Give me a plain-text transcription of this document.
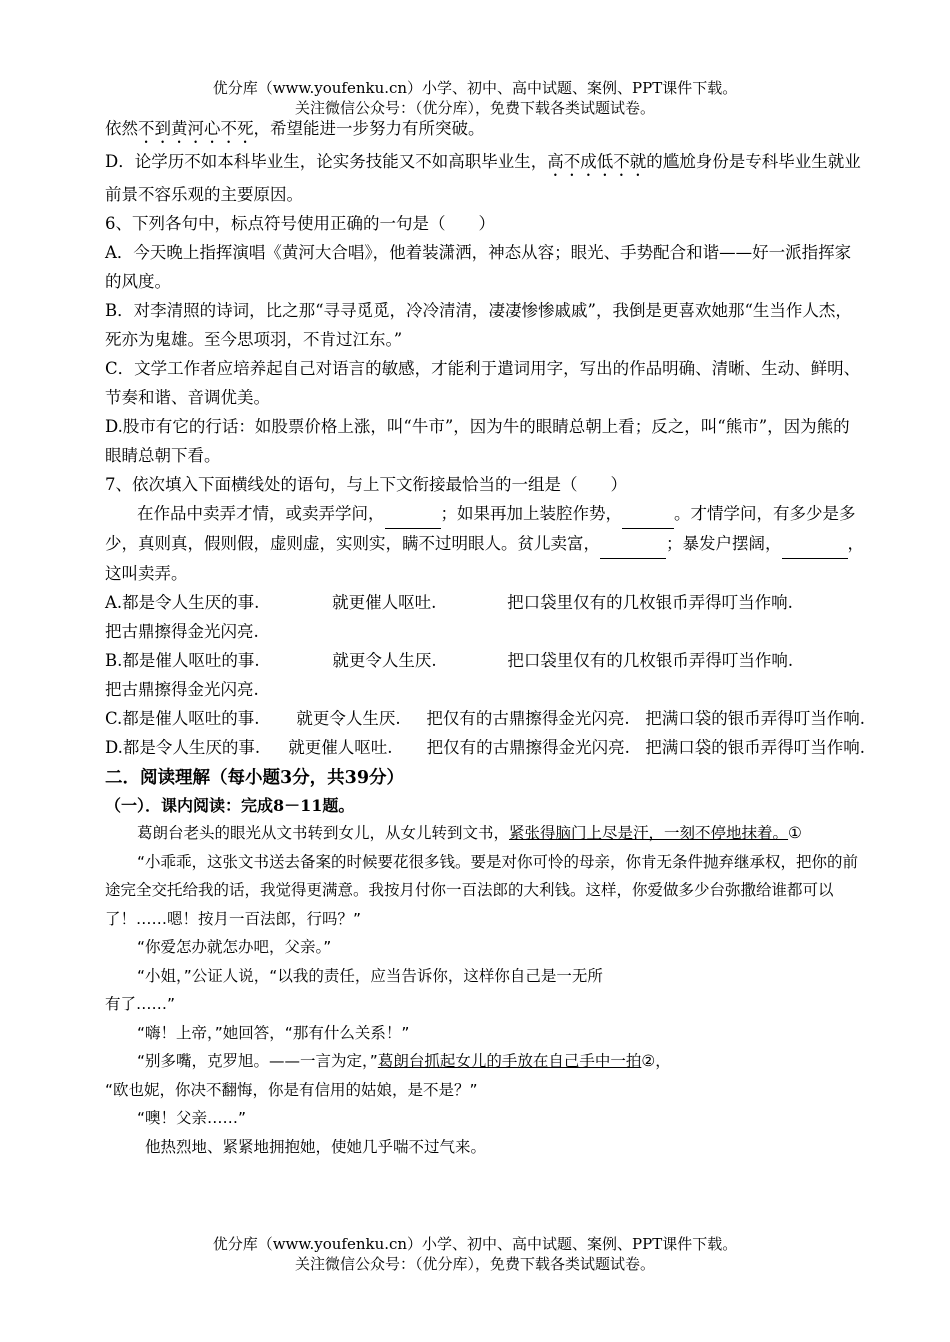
优分库（www.youfenku.cn）小学、初中、高中试题、案例、PPT课件下载。
关注微信公众号：（优分库），免费下载各类试题试卷。

依然不到黄河心不死，希望能进一步努力有所突破。

D．论学历不如本科毕业生，论实务技能又不如高职毕业生，高不成低不就的尴尬身份是专科毕业生就业前景不容乐观的主要原因。

6、下列各句中，标点符号使用正确的一句是（　　）

A．今天晚上指挥演唱《黄河大合唱》，他着装潇洒，神态从容；眼光、手势配合和谐——好一派指挥家的风度。

B．对李清照的诗词，比之那“寻寻觅觅，冷冷清清，凄凄惨惨戚戚”，我倒是更喜欢她那“生当作人杰，死亦为鬼雄。至今思项羽，不肯过江东。”

C．文学工作者应培养起自己对语言的敏感，才能利于遣词用字，写出的作品明确、清晰、生动、鲜明、节奏和谐、音调优美。

D.股市有它的行话：如股票价格上涨，叫“牛市”，因为牛的眼睛总朝上看；反之，叫“熊市”，因为熊的眼睛总朝下看。

7、依次填入下面横线处的语句，与上下文衔接最恰当的一组是（　　）

在作品中卖弄才情，或卖弄学问，	；如果再加上装腔作势，	。才情学问，有多少是多少，真则真，假则假，虚则虚，实则实，瞒不过明眼人。贫儿卖富，	；暴发户摆阔，	，这叫卖弄。

A. 都是令人生厌的事.	就更催人呕吐.	把口袋里仅有的几枚银币弄得叮当作响.

把古鼎擦得金光闪亮.

B. 都是催人呕吐的事.	就更令人生厌.	把口袋里仅有的几枚银币弄得叮当作响.

把古鼎擦得金光闪亮.

C. 都是催人呕吐的事.	就更令人生厌.	把仅有的古鼎擦得金光闪亮. 把满口袋的银币弄得叮当作响.

D. 都是令人生厌的事.	就更催人呕吐.	把仅有的古鼎擦得金光闪亮. 把满口袋的银币弄得叮当作响.

二．阅读理解（每小题3分，共39分）

（一）．课内阅读：完成8－11题。

葛朗台老头的眼光从文书转到女儿，从女儿转到文书，紧张得脑门上尽是汗，一刻不停地抹着。①

“小乖乖，这张文书送去备案的时候要花很多钱。要是对你可怜的母亲，你肯无条件抛弃继承权，把你的前途完全交托给我的话，我觉得更满意。我按月付你一百法郎的大利钱。这样，你爱做多少台弥撒给谁都可以了！……嗯！按月一百法郎，行吗？”

“你爱怎办就怎办吧，父亲。”

“小姐，”公证人说，“以我的责任，应当告诉你，这样你自己是一无所

有了……”

“嗨！上帝，”她回答，“那有什么关系！”

“别多嘴，克罗旭。——一言为定，”葛朗台抓起女儿的手放在自己手中一拍②，

“欧也妮，你决不翻悔，你是有信用的姑娘，是不是？”

“噢！父亲……”

他热烈地、紧紧地拥抱她，使她几乎喘不过气来。

优分库（www.youfenku.cn）小学、初中、高中试题、案例、PPT课件下载。
关注微信公众号：（优分库），免费下载各类试题试卷。
